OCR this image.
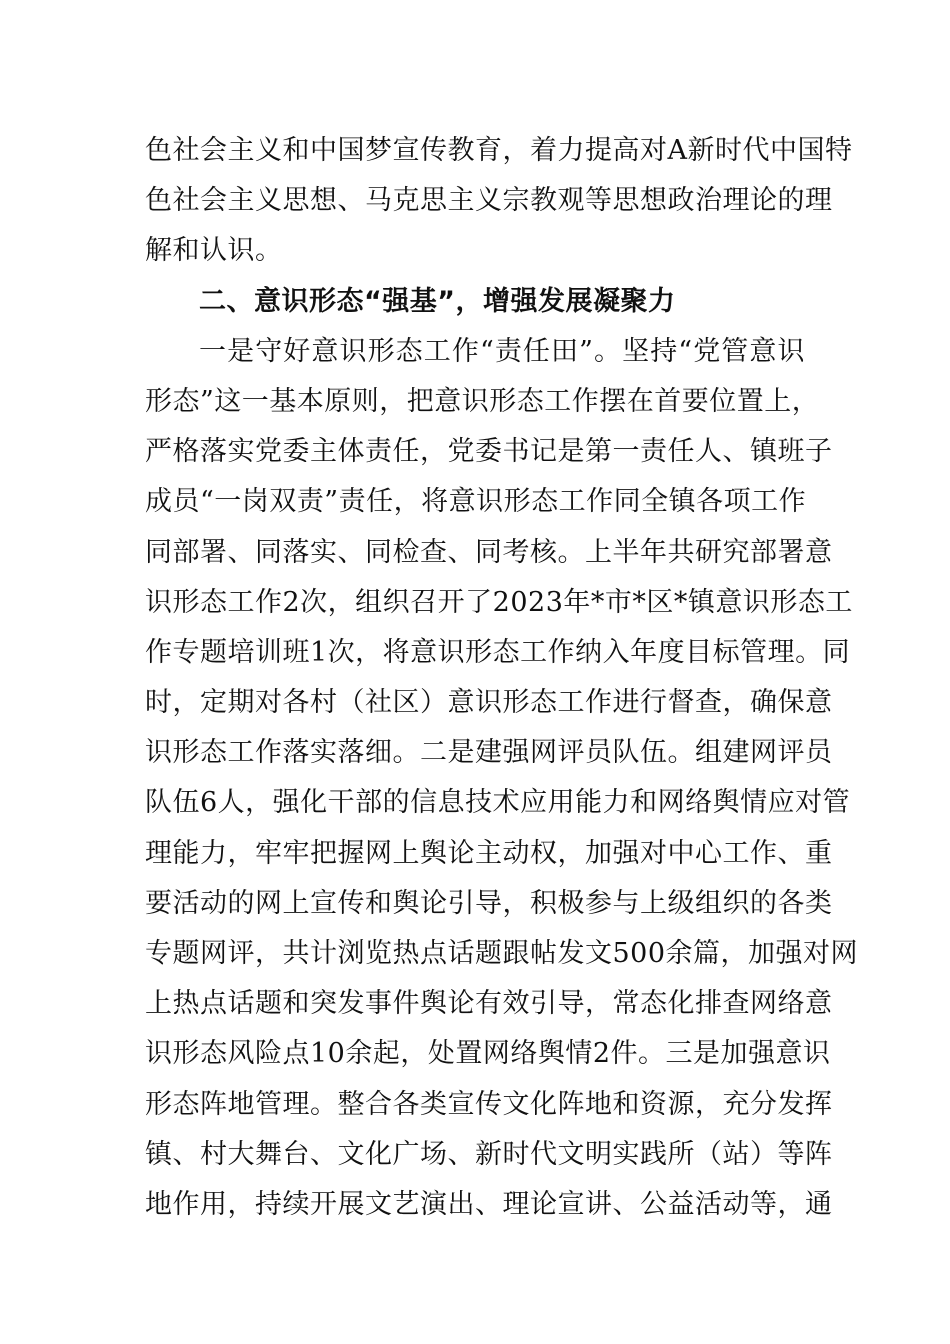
色社会主义和中国梦宣传教育，着力提高对A新时代中国特
色社会主义思想、马克思主义宗教观等思想政治理论的理
解和认识。
二、意识形态“强基”，增强发展凝聚力
一是守好意识形态工作“责任田”。坚持“党管意识
形态”这一基本原则，把意识形态工作摆在首要位置上，
严格落实党委主体责任，党委书记是第一责任人、镇班子
成员“一岗双责”责任，将意识形态工作同全镇各项工作
同部署、同落实、同检查、同考核。上半年共研究部署意
识形态工作2次，组织召开了2023年*市*区*镇意识形态工
作专题培训班1次，将意识形态工作纳入年度目标管理。同
时，定期对各村（社区）意识形态工作进行督查，确保意
识形态工作落实落细。二是建强网评员队伍。组建网评员
队伍6人，强化干部的信息技术应用能力和网络舆情应对管
理能力，牢牢把握网上舆论主动权，加强对中心工作、重
要活动的网上宣传和舆论引导，积极参与上级组织的各类
专题网评，共计浏览热点话题跟帖发文500余篇，加强对网
上热点话题和突发事件舆论有效引导，常态化排查网络意
识形态风险点10余起，处置网络舆情2件。三是加强意识
形态阵地管理。整合各类宣传文化阵地和资源，充分发挥
镇、村大舞台、文化广场、新时代文明实践所（站）等阵
地作用，持续开展文艺演出、理论宣讲、公益活动等，通
